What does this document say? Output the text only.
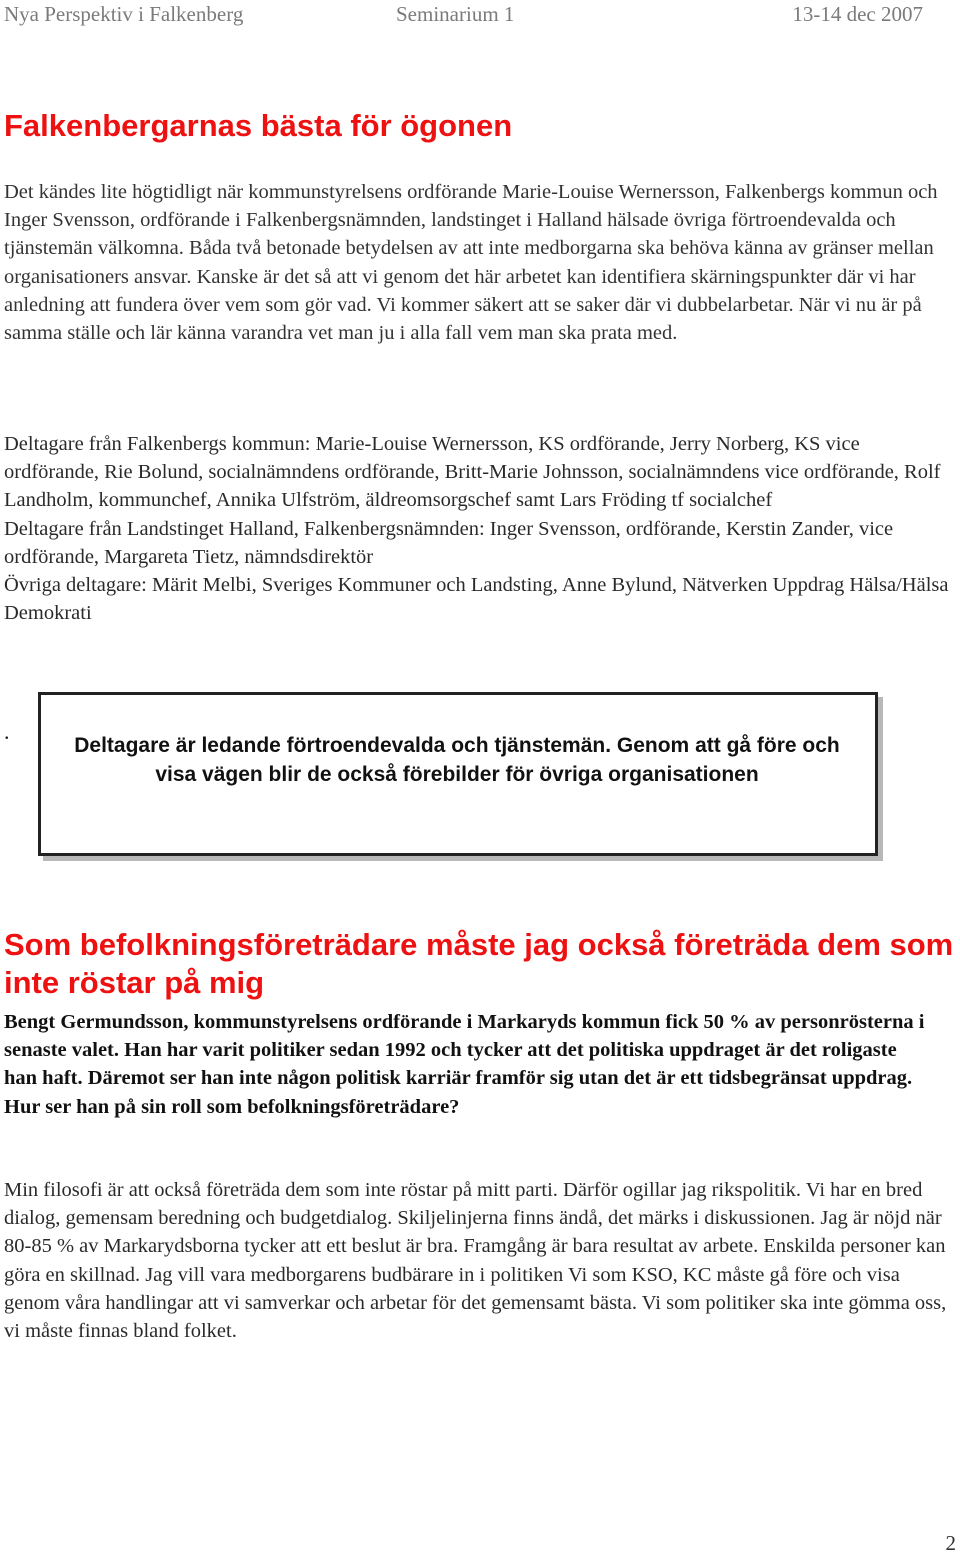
Nya Perspektiv i Falkenberg	Seminarium 1	13-14 dec 2007
Falkenbergarnas bästa för ögonen

Det kändes lite högtidligt när kommunstyrelsens ordförande Marie-Louise Wernersson, Falkenbergs kommun och Inger Svensson, ordförande i Falkenbergsnämnden, landstinget i Halland hälsade övriga förtroendevalda och tjänstemän välkomna. Båda två betonade betydelsen av att inte medborgarna ska behöva känna av gränser mellan organisationers ansvar. Kanske är det så att vi genom det här arbetet kan identifiera skärningspunkter där vi har anledning att fundera över vem som gör vad. Vi kommer säkert att se saker där vi dubbelarbetar. När vi nu är på samma ställe och lär känna varandra vet man ju i alla fall vem man ska prata med.

Deltagare från Falkenbergs kommun: Marie-Louise Wernersson, KS ordförande, Jerry Norberg, KS vice ordförande, Rie Bolund, socialnämndens ordförande, Britt-Marie Johnsson, socialnämndens vice ordförande, Rolf Landholm, kommunchef, Annika Ulfström, äldreomsorgschef samt Lars Fröding tf socialchef
Deltagare från Landstinget Halland, Falkenbergsnämnden: Inger Svensson, ordförande, Kerstin Zander, vice ordförande, Margareta Tietz, nämndsdirektör
Övriga deltagare: Märit Melbi, Sveriges Kommuner och Landsting, Anne Bylund, Nätverken Uppdrag Hälsa/Hälsa Demokrati
.

Deltagare är ledande förtroendevalda och tjänstemän. Genom att gå före och visa vägen blir de också förebilder för övriga organisationen

Som befolkningsföreträdare måste jag också företräda dem som inte röstar på mig

Bengt Germundsson, kommunstyrelsens ordförande i Markaryds kommun fick 50 % av personrösterna i senaste valet. Han har varit politiker sedan 1992 och tycker att det politiska uppdraget är det roligaste han haft. Däremot ser han inte någon politisk karriär framför sig utan det är ett tidsbegränsat uppdrag. Hur ser han på sin roll som befolkningsföreträdare?

Min filosofi är att också företräda dem som inte röstar på mitt parti. Därför ogillar jag rikspolitik. Vi har en bred dialog, gemensam beredning och budgetdialog. Skiljelinjerna finns ändå, det märks i diskussionen. Jag är nöjd när 80-85 % av Markarydsborna tycker att ett beslut är bra. Framgång är bara resultat av arbete. Enskilda personer kan göra en skillnad. Jag vill vara medborgarens budbärare in i politiken Vi som KSO, KC måste gå före och visa genom våra handlingar att vi samverkar och arbetar för det gemensamt bästa. Vi som politiker ska inte gömma oss, vi måste finnas bland folket.

2
